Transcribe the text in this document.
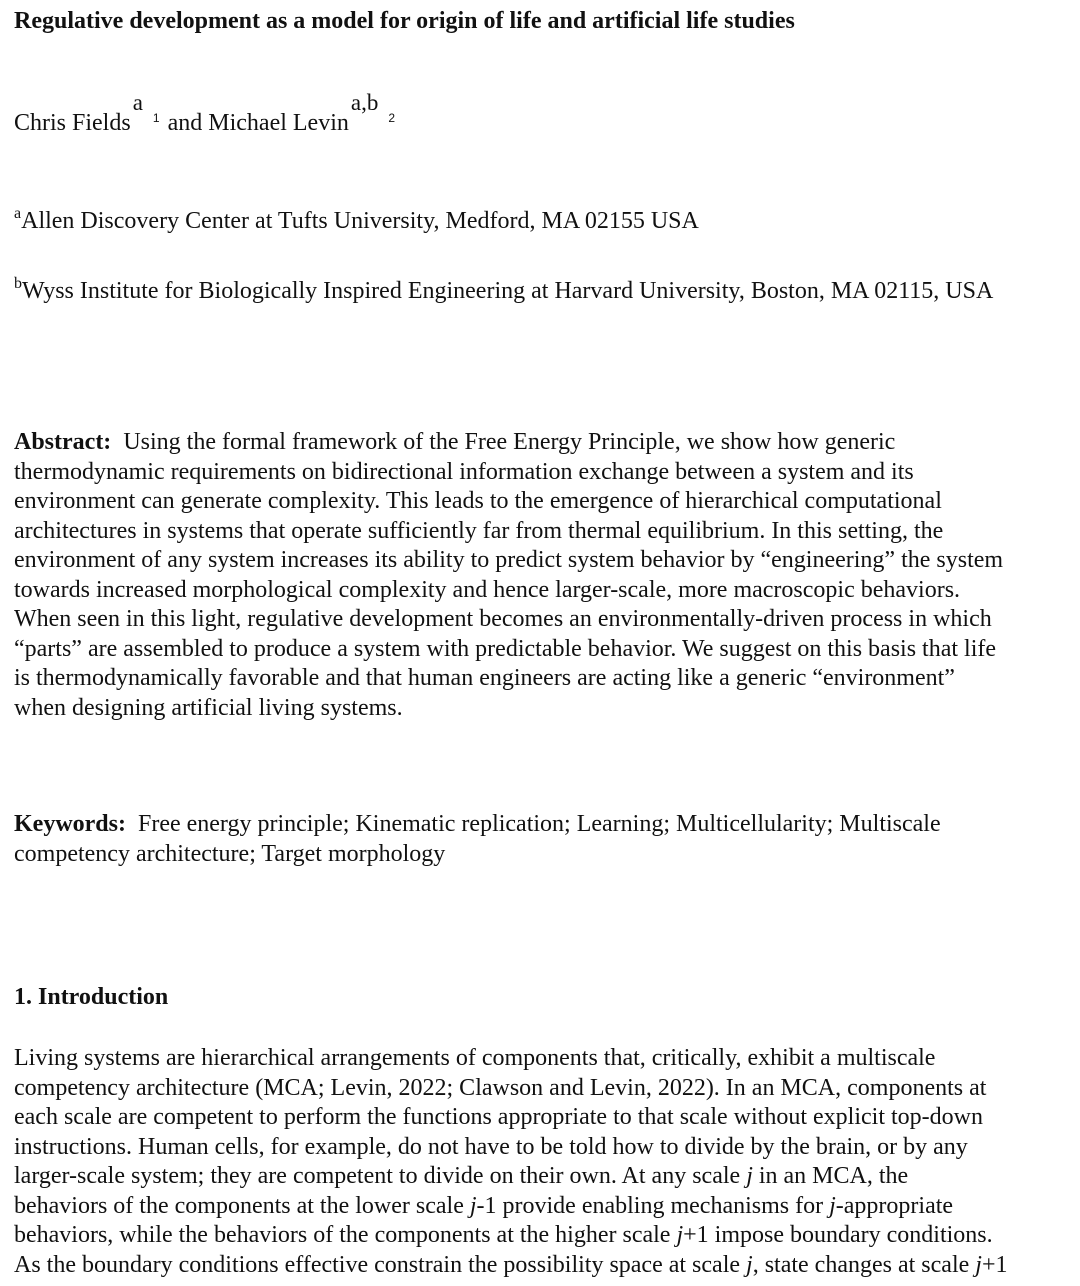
Regulative development as a model for origin of life and artificial life studies
Chris Fieldsa$^1$ and Michael $Levina,b^2$
$^a$Allen Discovery Center at Tufts University, Medford, MA 02155 USA
$^b$Wyss Institute for Biologically Inspired Engineering at Harvard University, Boston, MA 02115, USA
Abstract: Using the formal framework of the Free Energy Principle, we show how generic
thermodynamic requirements on bidirectional information exchange between a system and its
environment can generate complexity. This leads to the emergence of hierarchical computational
architectures in systems that operate sufficiently far from thermal equilibrium. In this setting, the
environment of any system increases its ability to predict system behavior by “engineering” the system
towards increased morphological complexity and hence larger-scale, more macroscopic behaviors.
When seen in this light, regulative development becomes an environmentally-driven process in which
“parts” are assembled to produce a system with predictable behavior. We suggest on this basis that life
is thermodynamically favorable and that human engineers are acting like a generic “environment”
when designing artificial living systems.
Keywords: Free energy principle; Kinematic replication; Learning; Multicellularity; Multiscale
competency architecture; Target morphology
1. Introduction
Living systems are hierarchical arrangements of components that, critically, exhibit a multiscale
competency architecture (MCA; Levin, 2022; Clawson and Levin, 2022). In an MCA, components at
each scale are competent to perform the functions appropriate to that scale without explicit top-down
instructions. Human cells, for example, do not have to be told how to divide by the brain, or by any
larger-scale system; they are competent to divide on their own. At any scale j in an MCA, the
behaviors of the components at the lower scale j-1 provide enabling mechanisms for j-appropriate
behaviors, while the behaviors of the components at the higher scale j+1 impose boundary conditions.
As the boundary conditions effective constrain the possibility space at scale j, state changes at scale j+1
